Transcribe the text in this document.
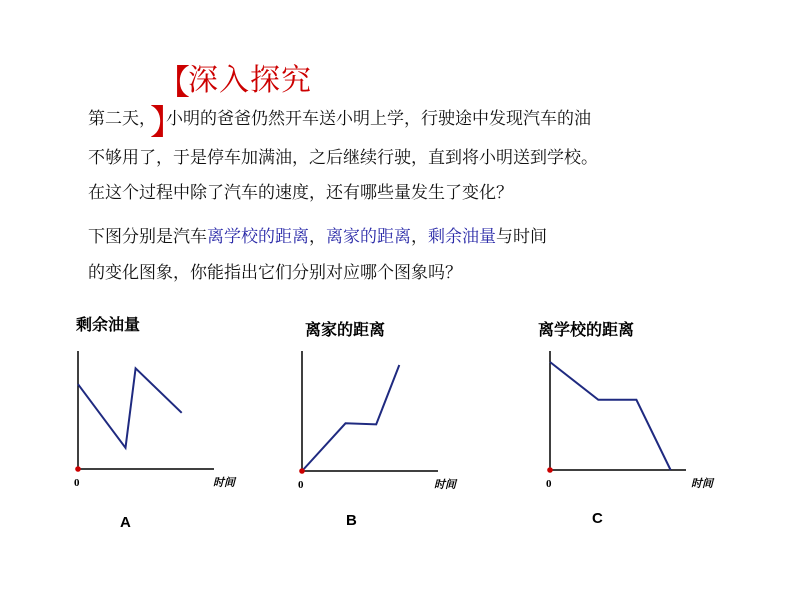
【
深入探究
】
第二天， 小明的爸爸仍然开车送小明上学，行驶途中发现汽车的油
不够用了，于是停车加满油，之后继续行驶，直到将小明送到学校。
在这个过程中除了汽车的速度，还有哪些量发生了变化？
下图分别是汽车离学校的距离，离家的距离，剩余油量与时间
的变化图象，你能指出它们分别对应哪个图象吗？
剩余油量	离家的距离	离学校的距离
0	时间	0	时间	0	时间
A	B	C
